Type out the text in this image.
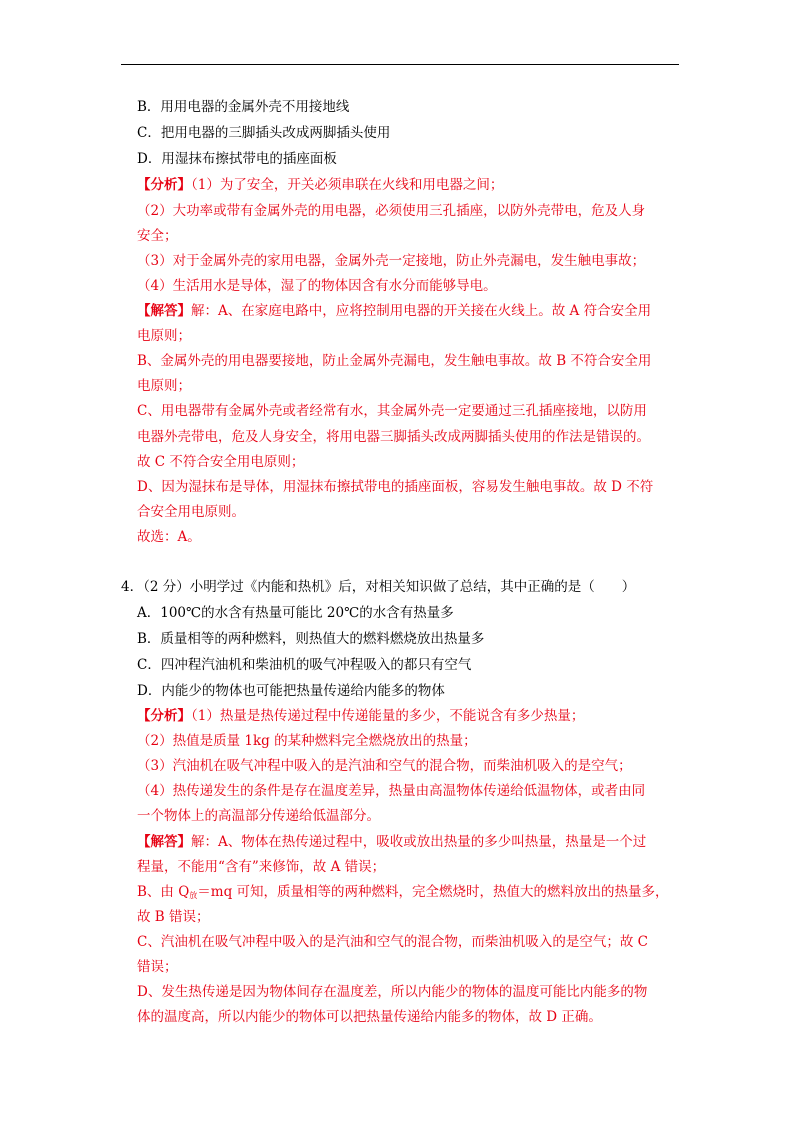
B．用用电器的金属外壳不用接地线

C．把用电器的三脚插头改成两脚插头使用

D．用湿抹布擦拭带电的插座面板

【分析】（1）为了安全，开关必须串联在火线和用电器之间；

（2）大功率或带有金属外壳的用电器，必须使用三孔插座，以防外壳带电，危及人身

安全；

（3）对于金属外壳的家用电器，金属外壳一定接地，防止外壳漏电，发生触电事故；

（4）生活用水是导体，湿了的物体因含有水分而能够导电。

【解答】解：A、在家庭电路中，应将控制用电器的开关接在火线上。故 A 符合安全用

电原则；

B、金属外壳的用电器要接地，防止金属外壳漏电，发生触电事故。故 B 不符合安全用

电原则；

C、用电器带有金属外壳或者经常有水，其金属外壳一定要通过三孔插座接地，以防用

电器外壳带电，危及人身安全，将用电器三脚插头改成两脚插头使用的作法是错误的。

故 C 不符合安全用电原则；

D、因为湿抹布是导体，用湿抹布擦拭带电的插座面板，容易发生触电事故。故 D 不符

合安全用电原则。

故选：A。

4．（2 分）小明学过《内能和热机》后，对相关知识做了总结，其中正确的是（　　）

A．100℃的水含有热量可能比 20℃的水含有热量多

B．质量相等的两种燃料，则热值大的燃料燃烧放出热量多

C．四冲程汽油机和柴油机的吸气冲程吸入的都只有空气

D．内能少的物体也可能把热量传递给内能多的物体

【分析】（1）热量是热传递过程中传递能量的多少，不能说含有多少热量；

（2）热值是质量 1kg 的某种燃料完全燃烧放出的热量；

（3）汽油机在吸气冲程中吸入的是汽油和空气的混合物，而柴油机吸入的是空气；

（4）热传递发生的条件是存在温度差异，热量由高温物体传递给低温物体，或者由同

一个物体上的高温部分传递给低温部分。

【解答】解：A、物体在热传递过程中，吸收或放出热量的多少叫热量，热量是一个过

程量，不能用“含有”来修饰，故 A 错误；

B、由 $Q_放=mq$ 可知，质量相等的两种燃料，完全燃烧时，热值大的燃料放出的热量多，

故 B 错误；

C、汽油机在吸气冲程中吸入的是汽油和空气的混合物，而柴油机吸入的是空气；故 C

错误；

D、发生热传递是因为物体间存在温度差，所以内能少的物体的温度可能比内能多的物

体的温度高，所以内能少的物体可以把热量传递给内能多的物体，故 D 正确。
